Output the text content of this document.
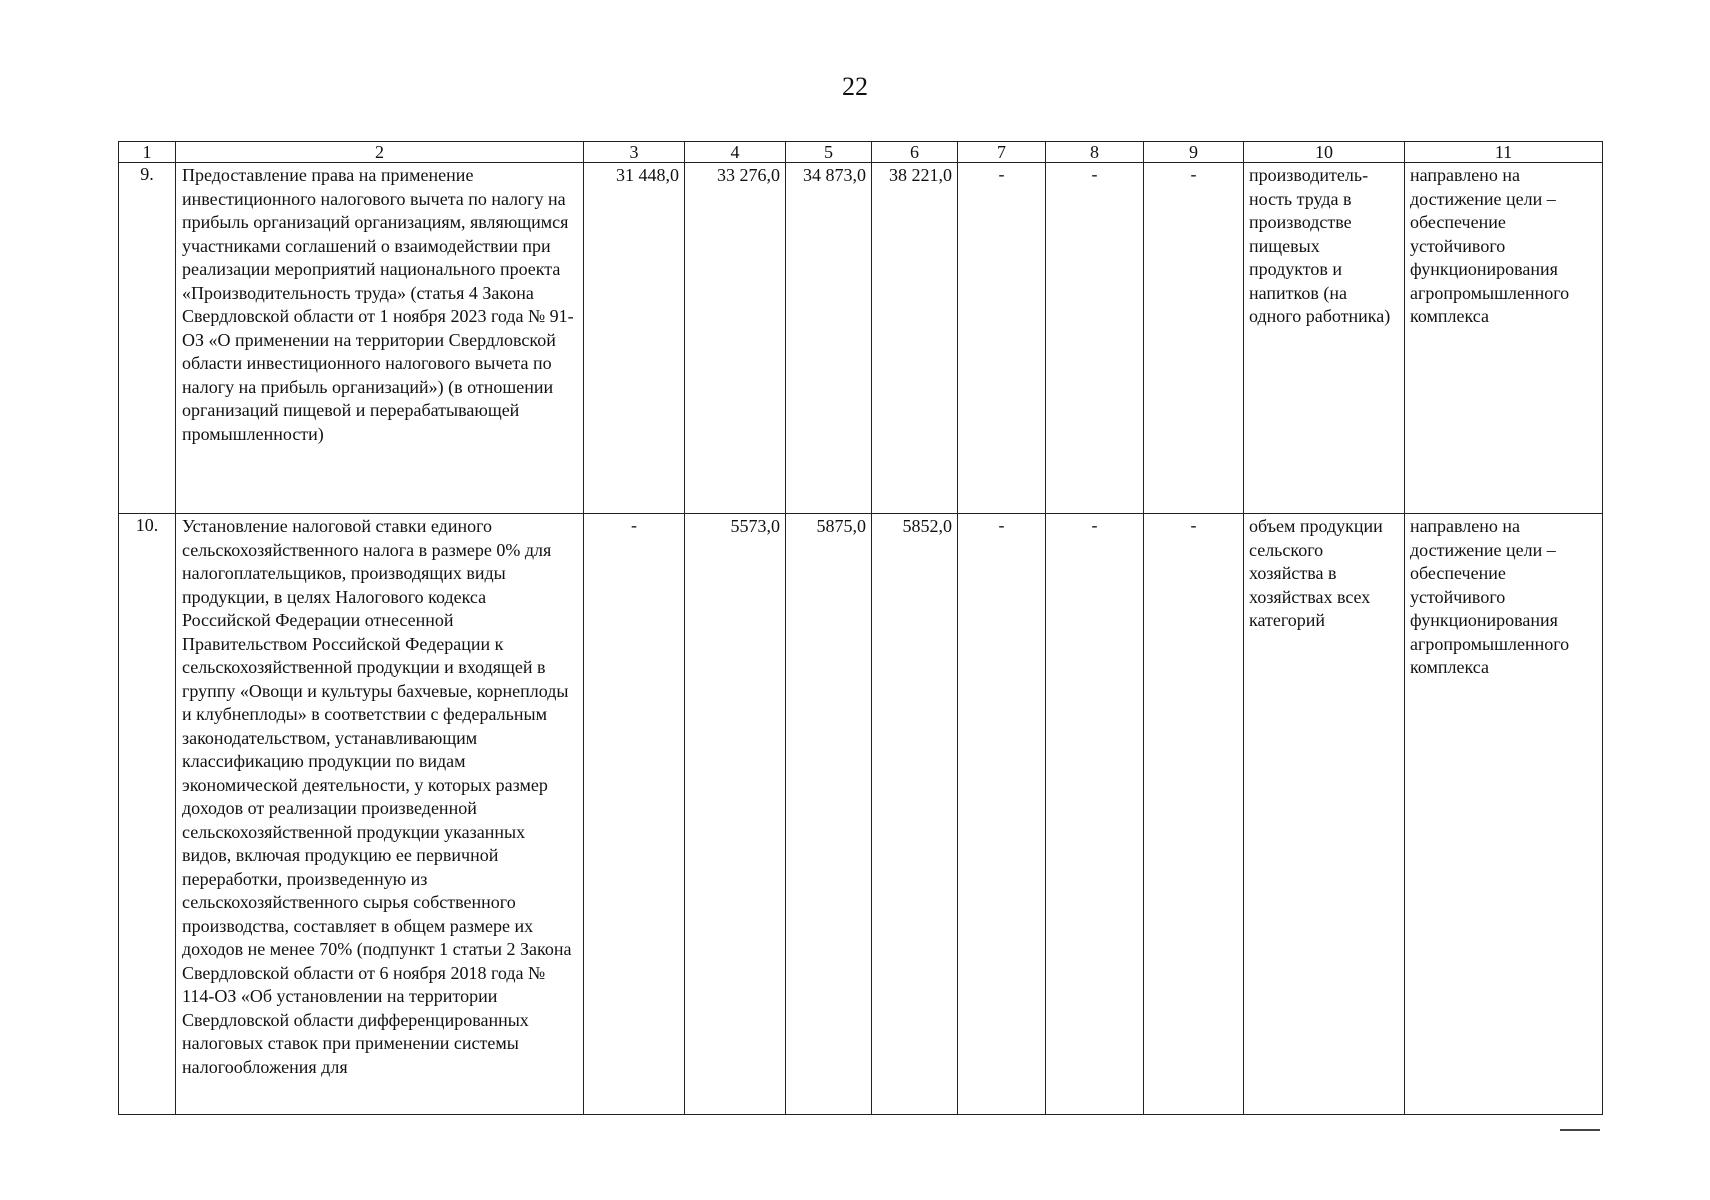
22
1	2	3	4	5	6	7	8	9	10	11
9.	Предоставление права на применение инвестиционного налогового вычета по налогу на прибыль организаций организациям, являющимся участниками соглашений о взаимодействии при реализации мероприятий национального проекта «Производительность труда» (статья 4 Закона Свердловской области от 1 ноября 2023 года № 91-ОЗ «О применении на территории Свердловской области инвестиционного налогового вычета по налогу на прибыль организаций») (в отношении организаций пищевой и перерабатывающей промышленности)	31 448,0	33 276,0	34 873,0	38 221,0	-	-	-	производитель-ность труда в производстве пищевых продуктов и напитков (на одного работника)	направлено на достижение цели – обеспечение устойчивого функционирования агропромышленного комплекса
10.	Установление налоговой ставки единого сельскохозяйственного налога в размере 0% для налогоплательщиков, производящих виды продукции, в целях Налогового кодекса Российской Федерации отнесенной Правительством Российской Федерации к сельскохозяйственной продукции и входящей в группу «Овощи и культуры бахчевые, корнеплоды и клубнеплоды» в соответствии с федеральным законодательством, устанавливающим классификацию продукции по видам экономической деятельности, у которых размер доходов от реализации произведенной сельскохозяйственной продукции указанных видов, включая продукцию ее первичной переработки, произведенную из сельскохозяйственного сырья собственного производства, составляет в общем размере их доходов не менее 70% (подпункт 1 статьи 2 Закона Свердловской области от 6 ноября 2018 года № 114-ОЗ «Об установлении на территории Свердловской области дифференцированных налоговых ставок при применении системы налогообложения для	-	5573,0	5875,0	5852,0	-	-	-	объем продукции сельского хозяйства в хозяйствах всех категорий	направлено на достижение цели – обеспечение устойчивого функционирования агропромышленного комплекса
